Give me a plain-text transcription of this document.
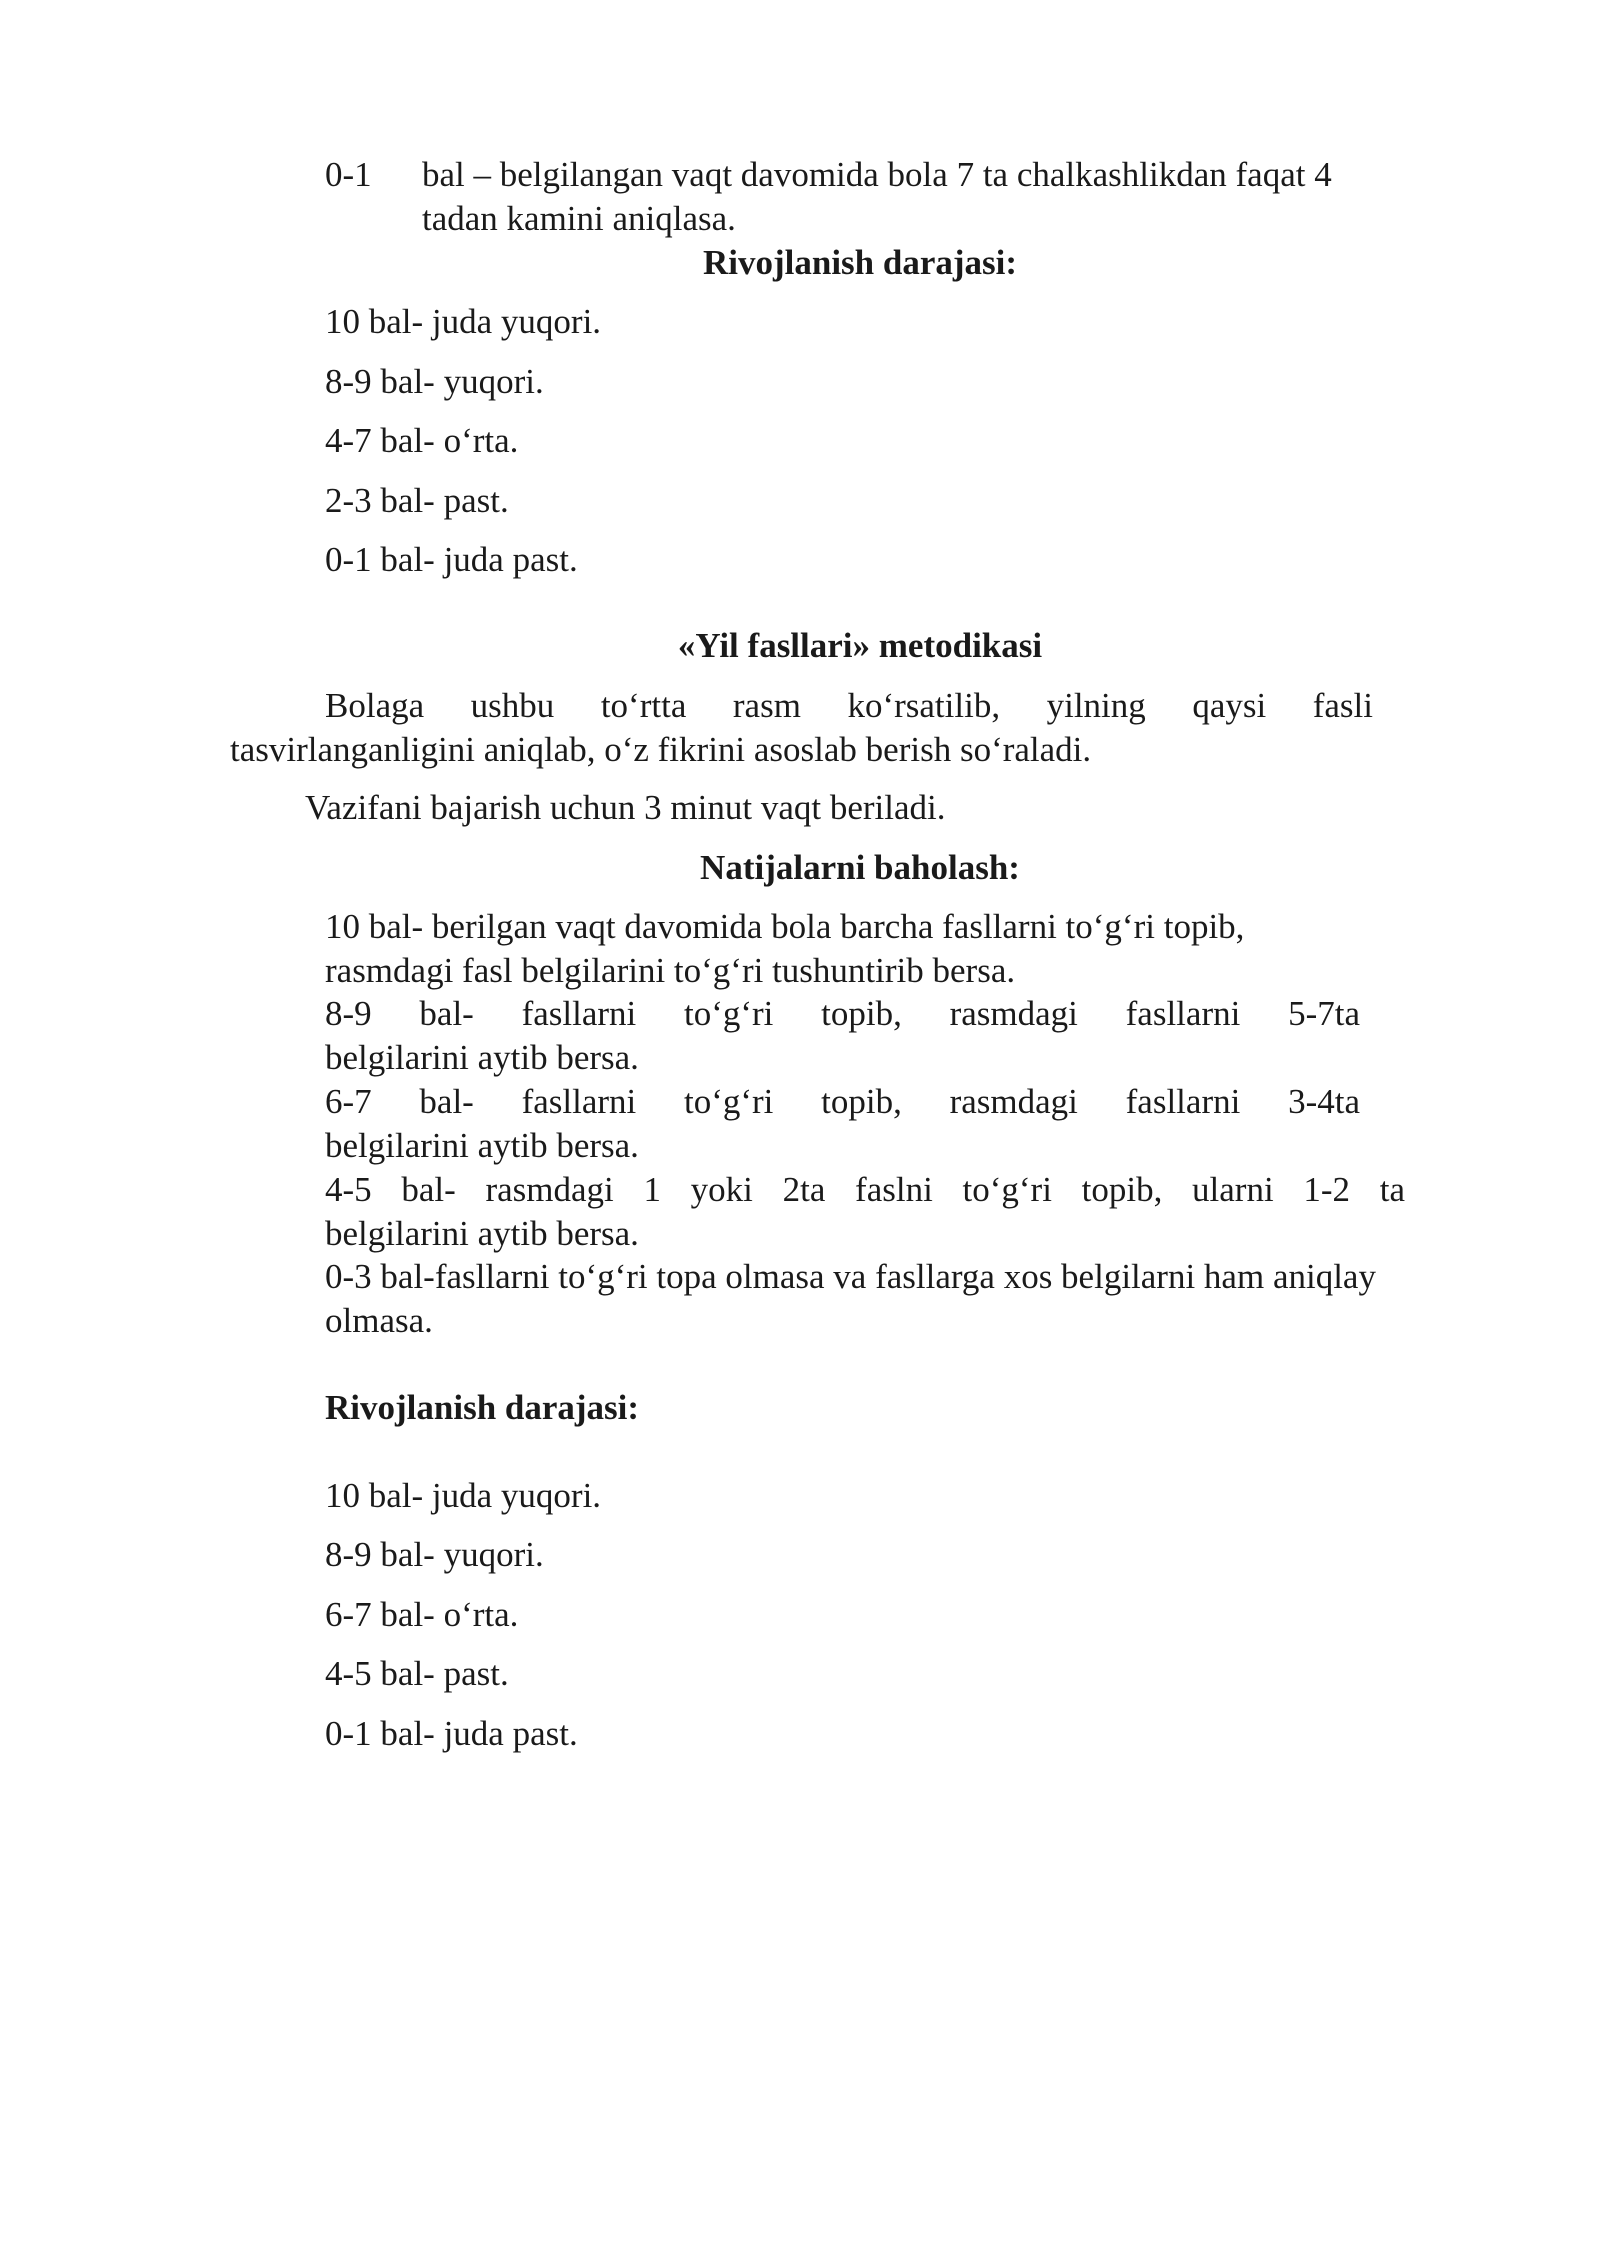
0-1 bal – belgilangan vaqt davomida bola 7 ta chalkashlikdan faqat 4

tadan kamini aniqlasa.

Rivojlanish darajasi:

10 bal- juda yuqori.

8-9 bal- yuqori.

4-7 bal- o‘rta.

2-3 bal- past.

0-1 bal- juda past.

«Yil fasllari» metodikasi

Bolaga ushbu to‘rtta rasm ko‘rsatilib, yilning qaysi fasli

tasvirlanganligini aniqlab, o‘z fikrini asoslab berish so‘raladi.

Vazifani bajarish uchun 3 minut vaqt beriladi.

Natijalarni baholash:

10 bal- berilgan vaqt davomida bola barcha fasllarni to‘g‘ri topib,

rasmdagi fasl belgilarini to‘g‘ri tushuntirib bersa.

8-9 bal- fasllarni to‘g‘ri topib, rasmdagi fasllarni 5-7ta

belgilarini aytib bersa.

6-7 bal- fasllarni to‘g‘ri topib, rasmdagi fasllarni 3-4ta

belgilarini aytib bersa.

4-5 bal- rasmdagi 1 yoki 2ta faslni to‘g‘ri topib, ularni 1-2 ta

belgilarini aytib bersa.

0-3 bal-fasllarni to‘g‘ri topa olmasa va fasllarga xos belgilarni ham aniqlay

olmasa.

Rivojlanish darajasi:

10 bal- juda yuqori.

8-9 bal- yuqori.

6-7 bal- o‘rta.

4-5 bal- past.

0-1 bal- juda past.
